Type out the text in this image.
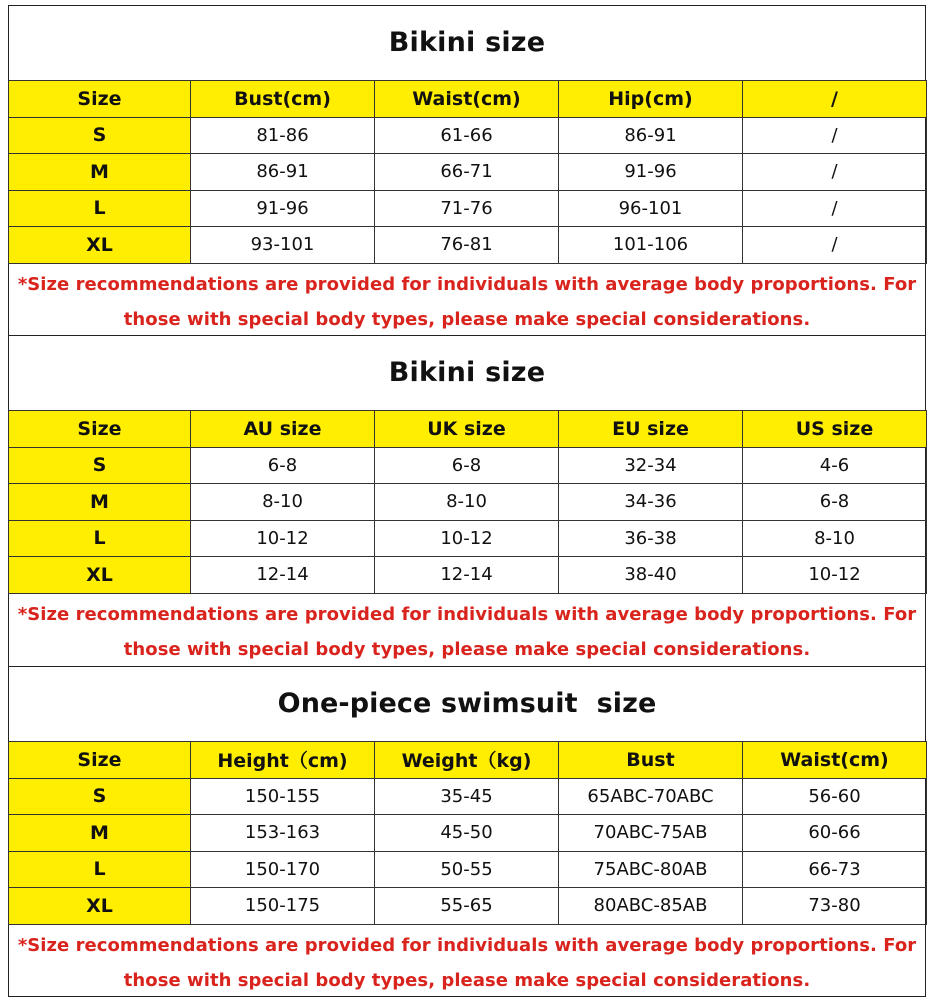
Bikini size
Size	Bust(cm)	Waist(cm)	Hip(cm)	/
S	81-86	61-66	86-91	/
M	86-91	66-71	91-96	/
L	91-96	71-76	96-101	/
XL	93-101	76-81	101-106	/
*Size recommendations are provided for individuals with average body proportions. For
those with special body types, please make special considerations.
Bikini size
Size	AU size	UK size	EU size	US size
S	6-8	6-8	32-34	4-6
M	8-10	8-10	34-36	6-8
L	10-12	10-12	36-38	8-10
XL	12-14	12-14	38-40	10-12
*Size recommendations are provided for individuals with average body proportions. For
those with special body types, please make special considerations.
One-piece swimsuit  size
Size	Height（cm)	Weight（kg)	Bust	Waist(cm)
S	150-155	35-45	65ABC-70ABC	56-60
M	153-163	45-50	70ABC-75AB	60-66
L	150-170	50-55	75ABC-80AB	66-73
XL	150-175	55-65	80ABC-85AB	73-80
*Size recommendations are provided for individuals with average body proportions. For
those with special body types, please make special considerations.
